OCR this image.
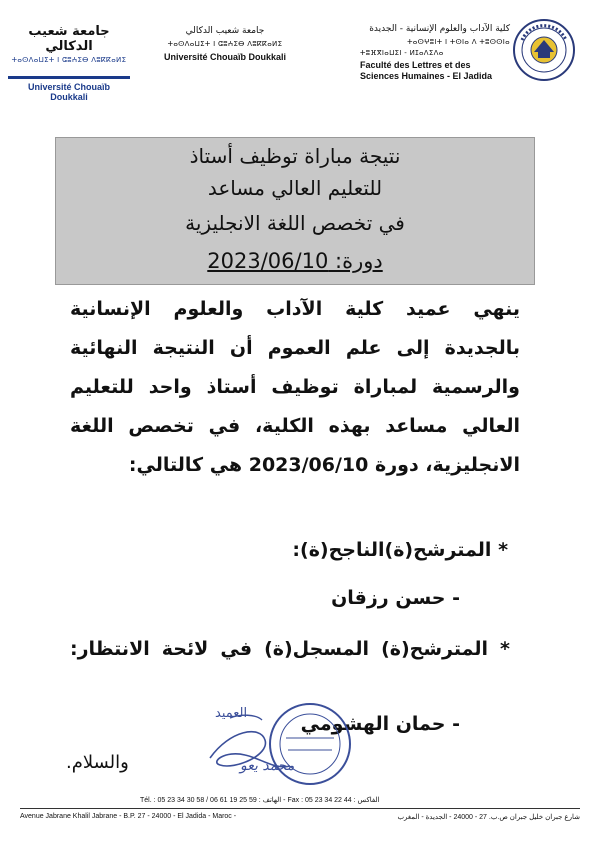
جامعة شعيب الدكالي
ⵜⴰⵙⴷⴰⵡⵉⵜ ⵏ ⵛⵓⵄⵉⴱ ⴷⵓⴽⴽⴰⵍⵉ
Université Chouaïb Doukkali
جامعة شعيب الدكالي
ⵜⴰⵙⴷⴰⵡⵉⵜ ⵏ ⵛⵓⵄⵉⴱ ⴷⵓⴽⴽⴰⵍⵉ
Université Chouaïb Doukkali
كلية الآداب والعلوم الإنسانية - الجديدة
ⵜⴰⵙⵖⵓⵏⵜ ⵏ ⵜⵙⵏⴰ ⴷ ⵜⵓⵙⵙⵏⴰ
ⵜⵓⴼⴳⵏⴰⵡⵉⵏ - ⵍⵊⴰⴷⵉⴷⴰ
Faculté des Lettres et des
Sciences Humaines - El Jadida
نتيجة مباراة توظيف أستاذ
للتعليم العالي مساعد
في تخصص اللغة الانجليزية
دورة: 2023/06/10
ينهي عميد كلية الآداب والعلوم الإنسانية بالجديدة إلى علم العموم أن النتيجة النهائية والرسمية لمباراة توظيف أستاذ واحد للتعليم العالي مساعد بهذه الكلية، في تخصص اللغة الانجليزية، دورة 2023/06/10 هي كالتالي:
* المترشح(ة)الناجح(ة):
- حسن رزقان
* المترشح(ة) المسجل(ة) في لائحة الانتظار:
- حمان الهشومي
والسلام.
العميد
محمد يعو
Tél. : 05 23 34 30 58 / 06 61 19 25 59 : الهاتف - Fax : 05 23 34 22 44 : الفاكس
Avenue Jabrane Khalil Jabrane - B.P. 27 - 24000 - El Jadida - Maroc -	شارع جبران خليل جبران ص.ب. 27 - 24000 - الجديدة - المغرب
